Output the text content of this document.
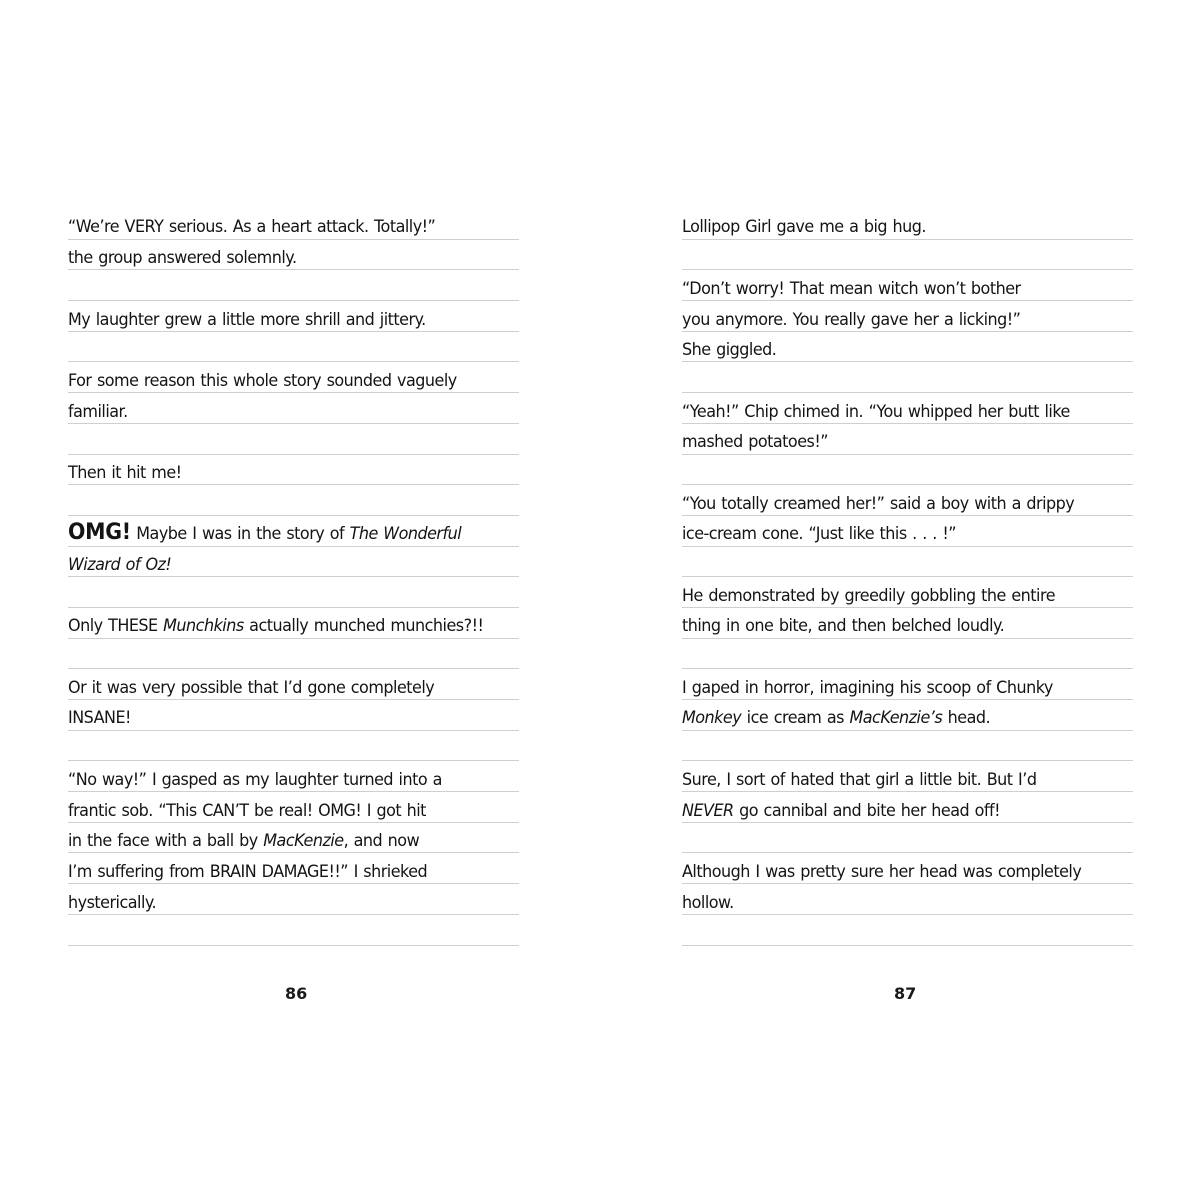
“We’re VERY serious. As a heart attack. Totally!”
the group answered solemnly.
My laughter grew a little more shrill and jittery.
For some reason this whole story sounded vaguely
familiar.
Then it hit me!
OMG! Maybe I was in the story of The Wonderful
Wizard of Oz!
Only THESE Munchkins actually munched munchies?!!
Or it was very possible that I’d gone completely
INSANE!
“No way!” I gasped as my laughter turned into a
frantic sob. “This CAN’T be real! OMG! I got hit
in the face with a ball by MacKenzie, and now
I’m suffering from BRAIN DAMAGE!!” I shrieked
hysterically.
86
Lollipop Girl gave me a big hug.
“Don’t worry! That mean witch won’t bother
you anymore. You really gave her a licking!”
She giggled.
“Yeah!” Chip chimed in. “You whipped her butt like
mashed potatoes!”
“You totally creamed her!” said a boy with a drippy
ice-cream cone. “Just like this . . . !”
He demonstrated by greedily gobbling the entire
thing in one bite, and then belched loudly.
I gaped in horror, imagining his scoop of Chunky
Monkey ice cream as MacKenzie’s head.
Sure, I sort of hated that girl a little bit. But I’d
NEVER go cannibal and bite her head off!
Although I was pretty sure her head was completely
hollow.
87
